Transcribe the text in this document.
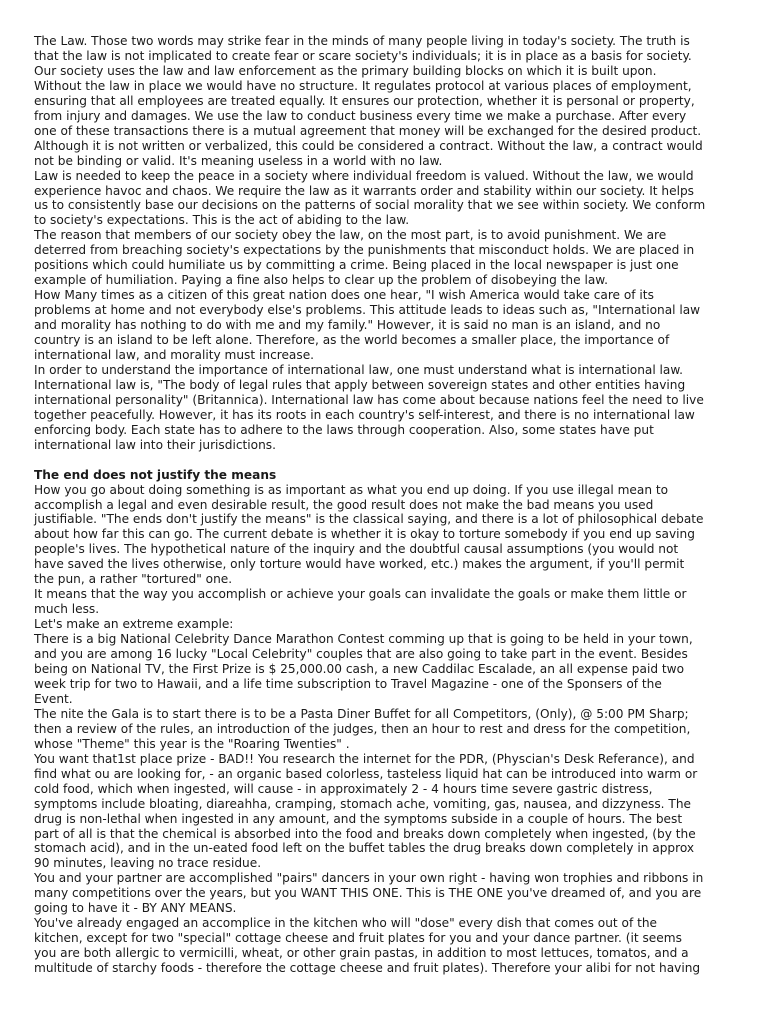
The Law. Those two words may strike fear in the minds of many people living in today's society. The truth is
that the law is not implicated to create fear or scare society's individuals; it is in place as a basis for society.
Our society uses the law and law enforcement as the primary building blocks on which it is built upon.
Without the law in place we would have no structure. It regulates protocol at various places of employment,
ensuring that all employees are treated equally. It ensures our protection, whether it is personal or property,
from injury and damages. We use the law to conduct business every time we make a purchase. After every
one of these transactions there is a mutual agreement that money will be exchanged for the desired product.
Although it is not written or verbalized, this could be considered a contract. Without the law, a contract would
not be binding or valid. It's meaning useless in a world with no law.

Law is needed to keep the peace in a society where individual freedom is valued. Without the law, we would
experience havoc and chaos. We require the law as it warrants order and stability within our society. It helps
us to consistently base our decisions on the patterns of social morality that we see within society. We conform
to society's expectations. This is the act of abiding to the law.

The reason that members of our society obey the law, on the most part, is to avoid punishment. We are
deterred from breaching society's expectations by the punishments that misconduct holds. We are placed in
positions which could humiliate us by committing a crime. Being placed in the local newspaper is just one
example of humiliation. Paying a fine also helps to clear up the problem of disobeying the law.

How Many times as a citizen of this great nation does one hear, "I wish America would take care of its
problems at home and not everybody else's problems. This attitude leads to ideas such as, "International law
and morality has nothing to do with me and my family." However, it is said no man is an island, and no
country is an island to be left alone. Therefore, as the world becomes a smaller place, the importance of
international law, and morality must increase.

In order to understand the importance of international law, one must understand what is international law.
International law is, "The body of legal rules that apply between sovereign states and other entities having
international personality" (Britannica). International law has come about because nations feel the need to live
together peacefully. However, it has its roots in each country's self-interest, and there is no international law
enforcing body. Each state has to adhere to the laws through cooperation. Also, some states have put
international law into their jurisdictions.

The end does not justify the means

How you go about doing something is as important as what you end up doing. If you use illegal mean to
accomplish a legal and even desirable result, the good result does not make the bad means you used
justifiable. "The ends don't justify the means" is the classical saying, and there is a lot of philosophical debate
about how far this can go. The current debate is whether it is okay to torture somebody if you end up saving
people's lives. The hypothetical nature of the inquiry and the doubtful causal assumptions (you would not
have saved the lives otherwise, only torture would have worked, etc.) makes the argument, if you'll permit
the pun, a rather "tortured" one.

It means that the way you accomplish or achieve your goals can invalidate the goals or make them little or
much less.

Let's make an extreme example:

There is a big National Celebrity Dance Marathon Contest comming up that is going to be held in your town,
and you are among 16 lucky "Local Celebrity" couples that are also going to take part in the event. Besides
being on National TV, the First Prize is $ 25,000.00 cash, a new Caddilac Escalade, an all expense paid two
week trip for two to Hawaii, and a life time subscription to Travel Magazine - one of the Sponsers of the
Event.

The nite the Gala is to start there is to be a Pasta Diner Buffet for all Competitors, (Only), @ 5:00 PM Sharp;
then a review of the rules, an introduction of the judges, then an hour to rest and dress for the competition,
whose "Theme" this year is the "Roaring Twenties" .

You want that1st place prize - BAD!! You research the internet for the PDR, (Physcian's Desk Referance), and
find what ou are looking for, - an organic based colorless, tasteless liquid hat can be introduced into warm or
cold food, which when ingested, will cause - in approximately 2 - 4 hours time severe gastric distress,
symptoms include bloating, diareahha, cramping, stomach ache, vomiting, gas, nausea, and dizzyness. The
drug is non-lethal when ingested in any amount, and the symptoms subside in a couple of hours. The best
part of all is that the chemical is absorbed into the food and breaks down completely when ingested, (by the
stomach acid), and in the un-eated food left on the buffet tables the drug breaks down completely in approx
90 minutes, leaving no trace residue.

You and your partner are accomplished "pairs" dancers in your own right - having won trophies and ribbons in
many competitions over the years, but you WANT THIS ONE. This is THE ONE you've dreamed of, and you are
going to have it - BY ANY MEANS.

You've already engaged an accomplice in the kitchen who will "dose" every dish that comes out of the
kitchen, except for two "special" cottage cheese and fruit plates for you and your dance partner. (it seems
you are both allergic to vermicilli, wheat, or other grain pastas, in addition to most lettuces, tomatos, and a
multitude of starchy foods - therefore the cottage cheese and fruit plates). Therefore your alibi for not having
